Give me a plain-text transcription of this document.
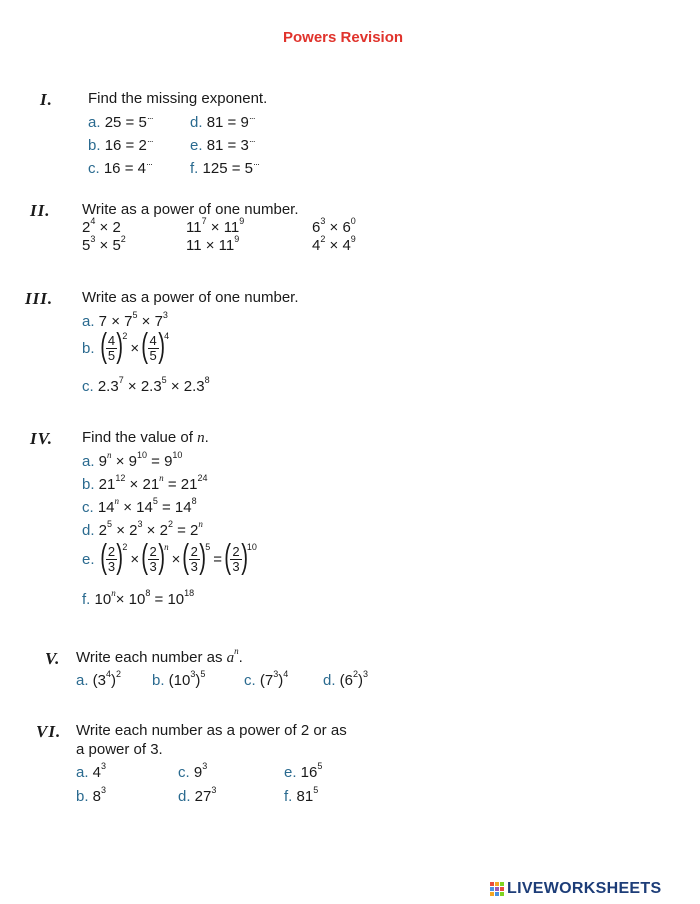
Powers Revision
I. Find the missing exponent.
a. 25 = 5···
b. 16 = 2···
c. 16 = 4···
d. 81 = 9···
e. 81 = 3···
f. 125 = 5···
II. Write as a power of one number.
$2^4 \times 2$
$5^3 \times 5^2$
$11^7 \times 11^9$
$11 \times 11^9$
$6^3 \times 6^0$
$4^2 \times 4^9$
III. Write as a power of one number.
a. $7 \times 7^5 \times 7^3$
b. ( $\frac{4}{5} )^2$
× ( $\frac{4}{5} )^4$
c. $2.3^7 \times 2.3^5 \times 2.3^8$
IV. Find the value of n.
a. $9^n \times 9^{10} = 9^{10}$
b. $21^{12} \times 21^n = 21^{24}$
c. $14^n \times 14^5 = 14^8$
d. $2^5 \times 2^3 \times 2^2 = 2^n$
e. ( $\frac{2}{3} )^2$
× ( $\frac{2}{3} )^n$
× ( $\frac{2}{3} )^5$
= ( $\frac{2}{3} )^{10}$
f. $10^n\times 10^8 = 10^{18}$
V. Write each number as $a^n$.
a. $(3^4)^2$ b. $(10^3)^5$	c. $(7^3)^4$ d. $(6^2)^3$
VI. Write each number as a power of 2 or as
a power of 3.
a. $4^3$
b. $8^3$
c. $9^3$
d. $27^3$
e. $16^5$
f. $81^5$
LIVEWORKSHEETS
